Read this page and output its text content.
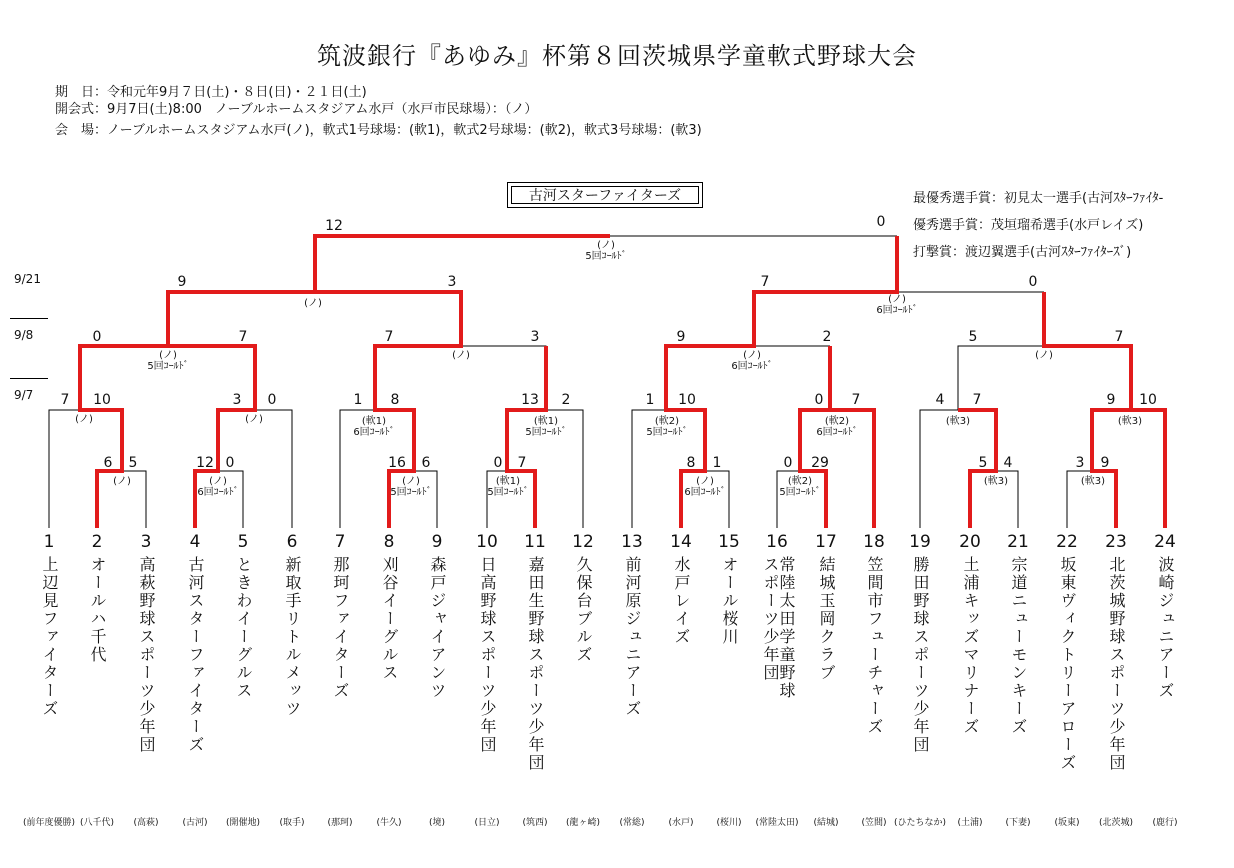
筑波銀行『あゆみ』杯第８回茨城県学童軟式野球大会
期　日：令和元年9月７日(土)・８日(日)・２１日(土)
開会式：9月7日(土)8:00　ノーブルホームスタジアム水戸（水戸市民球場）：（ノ）
会　場：ノーブルホームスタジアム水戸(ノ)，軟式1号球場：(軟1)，軟式2号球場：(軟2)，軟式3号球場：(軟3)
古河スターファイターズ	最優秀選手賞：初見太一選手(古河ｽﾀｰﾌｧｲﾀ-
優秀選手賞：茂垣瑠希選手(水戸レイズ)
打撃賞：渡辺翼選手(古河ｽﾀｰﾌｧｲﾀｰｽﾞ)
9/21
9/8
9/7
1
上辺見ファイターズ
(前年度優勝)
2
オールハ千代
(八千代)
3
高萩野球スポーツ少年団
(高萩)
4
古河スターファイターズ
(古河)
5
ときわイーグルス
(開催地)
6
新取手リトルメッツ
(取手)
7
那珂ファイターズ
(那珂)
8
刈谷イーグルス
(牛久)
9
森戸ジャイアンツ
(境)
10
日高野球スポーツ少年団
(日立)
11
嘉田生野球スポーツ少年団
(筑西)
12
久保台ブルズ
(龍ヶ崎)
13
前河原ジュニアーズ
(常総)
14
水戸レイズ
(水戸)
15
オール桜川
(桜川)
16
スポーツ少年団
常陸太田学童野球
(常陸太田)
17
結城玉岡クラブ
(結城)
18
笠間市フューチャーズ
(笠間)
19
勝田野球スポーツ少年団
(ひたちなか)
20
土浦キッズマリナーズ
(土浦)
21
宗道ニューモンキーズ
(下妻)
22
坂東ヴィクトリーアローズ
(坂東)
23
北茨城野球スポーツ少年団
(北茨城)
24
波崎ジュニアーズ
(鹿行)
7	10
6	5	12 0
3	0	1	8
16	6	0	7
13	2	1	10
8	1	0	29
0	7	4	7
5	4	3	9
9	10
0	7	7	3	9	2	5	7
9	3	7	0
12	0
(ノ)
(ノ)	(ノ)
6回ｺｰﾙﾄﾞ
(ノ)	(軟1)
6回ｺｰﾙﾄﾞ
(ノ)
5回ｺｰﾙﾄﾞ
(軟1)
5回ｺｰﾙﾄﾞ
(軟1)
5回ｺｰﾙﾄﾞ
(軟2)
5回ｺｰﾙﾄﾞ
(ノ)
6回ｺｰﾙﾄﾞ
(軟2)
5回ｺｰﾙﾄﾞ
(軟2)
6回ｺｰﾙﾄﾞ
(軟3)
(軟3)	(軟3)
(軟3)
(ノ)
5回ｺｰﾙﾄﾞ
(ノ)	(ノ)
6回ｺｰﾙﾄﾞ
(ノ)
(ノ)	(ノ)
6回ｺｰﾙﾄﾞ
(ノ)
5回ｺｰﾙﾄﾞ
